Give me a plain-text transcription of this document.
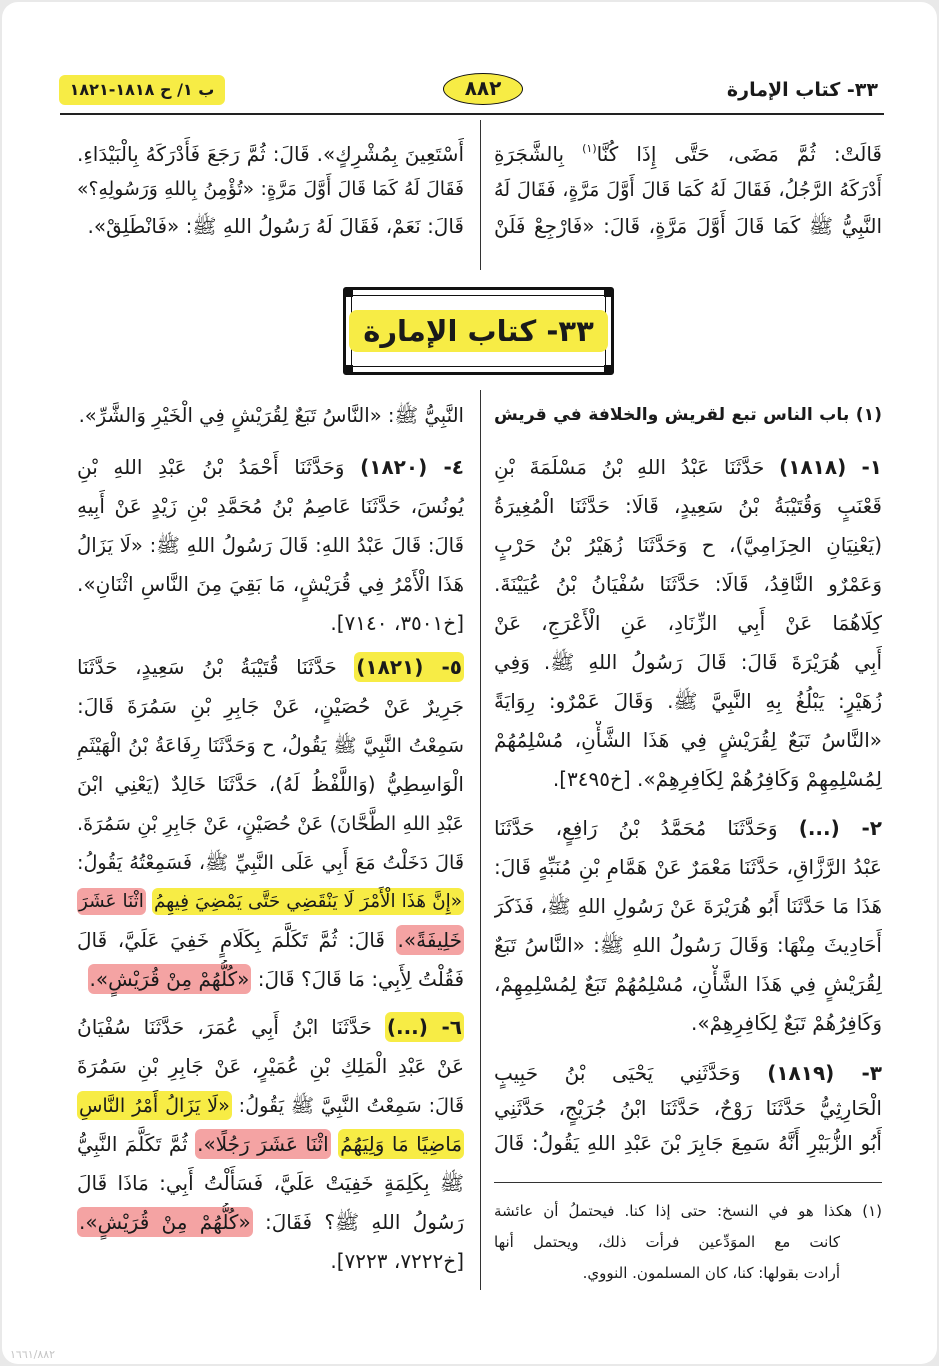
٣٣- كتاب الإمارة
٨٨٢
ب ١/ ح ١٨١٨-١٨٢١
قَالَتْ: ثُمَّ مَضَى، حَتَّى إِذَا كُنَّا$^{(١)}$ بِالشَّجَرَةِ
أَدْرَكَهُ الرَّجُلُ، فَقَالَ لَهُ كَمَا قَالَ أَوَّلَ مَرَّةٍ، فَقَالَ لَهُ
النَّبِيُّ ﷺ كَمَا قَالَ أَوَّلَ مَرَّةٍ، قَالَ: «فَارْجِعْ فَلَنْ
أَسْتَعِينَ بِمُشْرِكٍ». قَالَ: ثُمَّ رَجَعَ فَأَدْرَكَهُ بِالْبَيْدَاءِ.
فَقَالَ لَهُ كَمَا قَالَ أَوَّلَ مَرَّةٍ: «تُؤْمِنُ بِاللهِ وَرَسُولِهِ؟»
قَالَ: نَعَمْ، فَقَالَ لَهُ رَسُولُ اللهِ ﷺ: «فَانْطَلِقْ».
٣٣- كتاب الإمارة
(١) باب الناس تبع لقريش والخلافة في قريش
١- (١٨١٨) حَدَّثَنَا عَبْدُ اللهِ بْنُ مَسْلَمَةَ بْنِ
قَعْنَبٍ وَقُتَيْبَةُ بْنُ سَعِيدٍ، قَالَا: حَدَّثَنَا الْمُغِيرَةُ
(يَعْنِيَانِ الحِزَامِيَّ)، ح وَحَدَّثَنَا زُهَيْرُ بْنُ حَرْبٍ
وَعَمْرٌو النَّاقِدُ، قَالَا: حَدَّثَنَا سُفْيَانُ بْنُ عُيَيْنَةَ.
كِلَاهُمَا عَنْ أَبِي الزِّنَادِ، عَنِ الْأَعْرَجِ، عَنْ
أَبِي هُرَيْرَةَ قَالَ: قَالَ رَسُولُ اللهِ ﷺ. وَفِي
زُهَيْرٍ: يَبْلُغُ بِهِ النَّبِيَّ ﷺ. وَقَالَ عَمْرٌو: رِوَايَةً
«النَّاسُ تَبَعٌ لِقُرَيْشٍ فِي هَذَا الشَّأْنِ، مُسْلِمُهُمْ
لِمُسْلِمِهِمْ وَكَافِرُهُمْ لِكَافِرِهِمْ». [خ٣٤٩٥].
٢- (...) وَحَدَّثَنَا مُحَمَّدُ بْنُ رَافِعٍ، حَدَّثَنَا
عَبْدُ الرَّزَّاقِ، حَدَّثَنَا مَعْمَرٌ عَنْ هَمَّامِ بْنِ مُنَبِّهٍ قَالَ:
هَذَا مَا حَدَّثَنَا أَبُو هُرَيْرَةَ عَنْ رَسُولِ اللهِ ﷺ، فَذَكَرَ
أَحَادِيثَ مِنْهَا: وَقَالَ رَسُولُ اللهِ ﷺ: «النَّاسُ تَبَعٌ
لِقُرَيْشٍ فِي هَذَا الشَّأْنِ، مُسْلِمُهُمْ تَبَعٌ لِمُسْلِمِهِمْ،
وَكَافِرُهُمْ تَبَعٌ لِكَافِرِهِمْ».
٣- (١٨١٩) وَحَدَّثَنِي يَحْيَى بْنُ حَبِيبٍ
الْحَارِثِيُّ حَدَّثَنَا رَوْحٌ، حَدَّثَنَا ابْنُ جُرَيْجٍ، حَدَّثَنِي
أَبُو الزُّبَيْرِ أَنَّهُ سَمِعَ جَابِرَ بْنَ عَبْدِ اللهِ يَقُولُ: قَالَ
(١) هكذا هو في النسخ: حتى إذا كنا. فيحتملُ أن عائشة
كانت مع الموَدِّعين فرأت ذلك، ويحتمل أنها
أرادت بقولها: كنا، كان المسلمون. النووي.
النَّبِيُّ ﷺ: «النَّاسُ تَبَعٌ لِقُرَيْشٍ فِي الْخَيْرِ وَالشَّرِّ».
٤- (١٨٢٠) وَحَدَّثَنَا أَحْمَدُ بْنُ عَبْدِ اللهِ بْنِ
يُونُسَ، حَدَّثَنَا عَاصِمُ بْنُ مُحَمَّدِ بْنِ زَيْدٍ عَنْ أَبِيهِ
قَالَ: قَالَ عَبْدُ اللهِ: قَالَ رَسُولُ اللهِ ﷺ: «لَا يَزَالُ
هَذَا الْأَمْرُ فِي قُرَيْشٍ، مَا بَقِيَ مِنَ النَّاسِ اثْنَانِ».
[خ٣٥٠١، ٧١٤٠].
٥- (١٨٢١) حَدَّثَنَا قُتَيْبَةُ بْنُ سَعِيدٍ، حَدَّثَنَا
جَرِيرٌ عَنْ حُصَيْنٍ، عَنْ جَابِرِ بْنِ سَمُرَةَ قَالَ:
سَمِعْتُ النَّبِيَّ ﷺ يَقُولُ، ح وَحَدَّثَنَا رِفَاعَةُ بْنُ الْهَيْثَمِ
الْوَاسِطِيُّ (وَاللَّفْظُ لَهُ)، حَدَّثَنَا خَالِدٌ (يَعْنِي ابْنَ
عَبْدِ اللهِ الطَّحَّانَ) عَنْ حُصَيْنٍ، عَنْ جَابِرِ بْنِ سَمُرَةَ.
قَالَ دَخَلْتُ مَعَ أَبِي عَلَى النَّبِيِّ ﷺ، فَسَمِعْتُهُ يَقُولُ:
«إِنَّ هَذَا الْأَمْرَ لَا يَنْقَضِي حَتَّى يَمْضِيَ فِيهِمُ اثْنَا عَشَرَ
خَلِيفَةً». قَالَ: ثُمَّ تَكَلَّمَ بِكَلَامٍ خَفِيَ عَلَيَّ، قَالَ
فَقُلْتُ لِأَبِي: مَا قَالَ؟ قَالَ: «كُلُّهُمْ مِنْ قُرَيْشٍ».
٦- (...) حَدَّثَنَا ابْنُ أَبِي عُمَرَ، حَدَّثَنَا سُفْيَانُ
عَنْ عَبْدِ الْمَلِكِ بْنِ عُمَيْرٍ، عَنْ جَابِرِ بْنِ سَمُرَةَ
قَالَ: سَمِعْتُ النَّبِيَّ ﷺ يَقُولُ: «لَا يَزَالُ أَمْرُ النَّاسِ
مَاضِيًا مَا وَلِيَهُمُ اثْنَا عَشَرَ رَجُلًا». ثُمَّ تَكَلَّمَ النَّبِيُّ
ﷺ بِكَلِمَةٍ خَفِيَتْ عَلَيَّ، فَسَأَلْتُ أَبِي: مَاذَا قَالَ
رَسُولُ اللهِ ﷺ؟ فَقَالَ: «كُلُّهُمْ مِنْ قُرَيْشٍ».
[خ٧٢٢٢، ٧٢٢٣].
١٦٦١/٨٨٢
